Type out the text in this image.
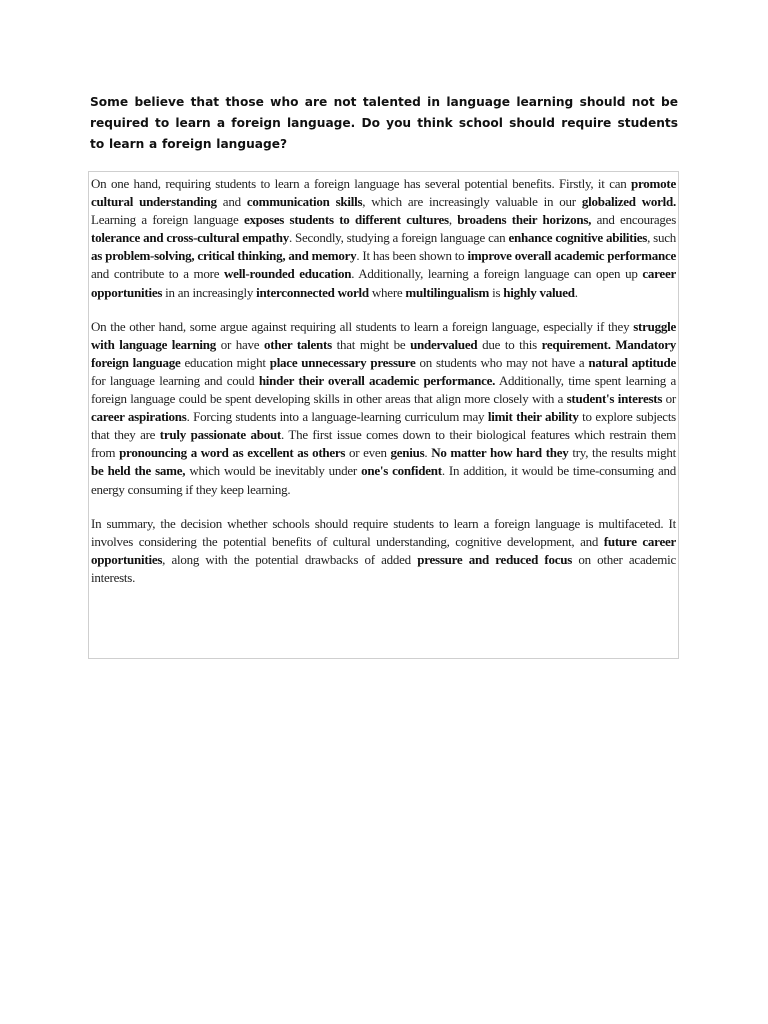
Some believe that those who are not talented in language learning should not be required to learn a foreign language. Do you think school should require students to learn a foreign language?

On one hand, requiring students to learn a foreign language has several potential benefits. Firstly, it can promote cultural understanding and communication skills, which are increasingly valuable in our globalized world. Learning a foreign language exposes students to different cultures, broadens their horizons, and encourages tolerance and cross-cultural empathy. Secondly, studying a foreign language can enhance cognitive abilities, such as problem-solving, critical thinking, and memory. It has been shown to improve overall academic performance and contribute to a more well-rounded education. Additionally, learning a foreign language can open up career opportunities in an increasingly interconnected world where multilingualism is highly valued.

On the other hand, some argue against requiring all students to learn a foreign language, especially if they struggle with language learning or have other talents that might be undervalued due to this requirement. Mandatory foreign language education might place unnecessary pressure on students who may not have a natural aptitude for language learning and could hinder their overall academic performance. Additionally, time spent learning a foreign language could be spent developing skills in other areas that align more closely with a student's interests or career aspirations. Forcing students into a language-learning curriculum may limit their ability to explore subjects that they are truly passionate about. The first issue comes down to their biological features which restrain them from pronouncing a word as excellent as others or even genius. No matter how hard they try, the results might be held the same, which would be inevitably under one's confident. In addition, it would be time-consuming and energy consuming if they keep learning.

In summary, the decision whether schools should require students to learn a foreign language is multifaceted. It involves considering the potential benefits of cultural understanding, cognitive development, and future career opportunities, along with the potential drawbacks of added pressure and reduced focus on other academic interests.
